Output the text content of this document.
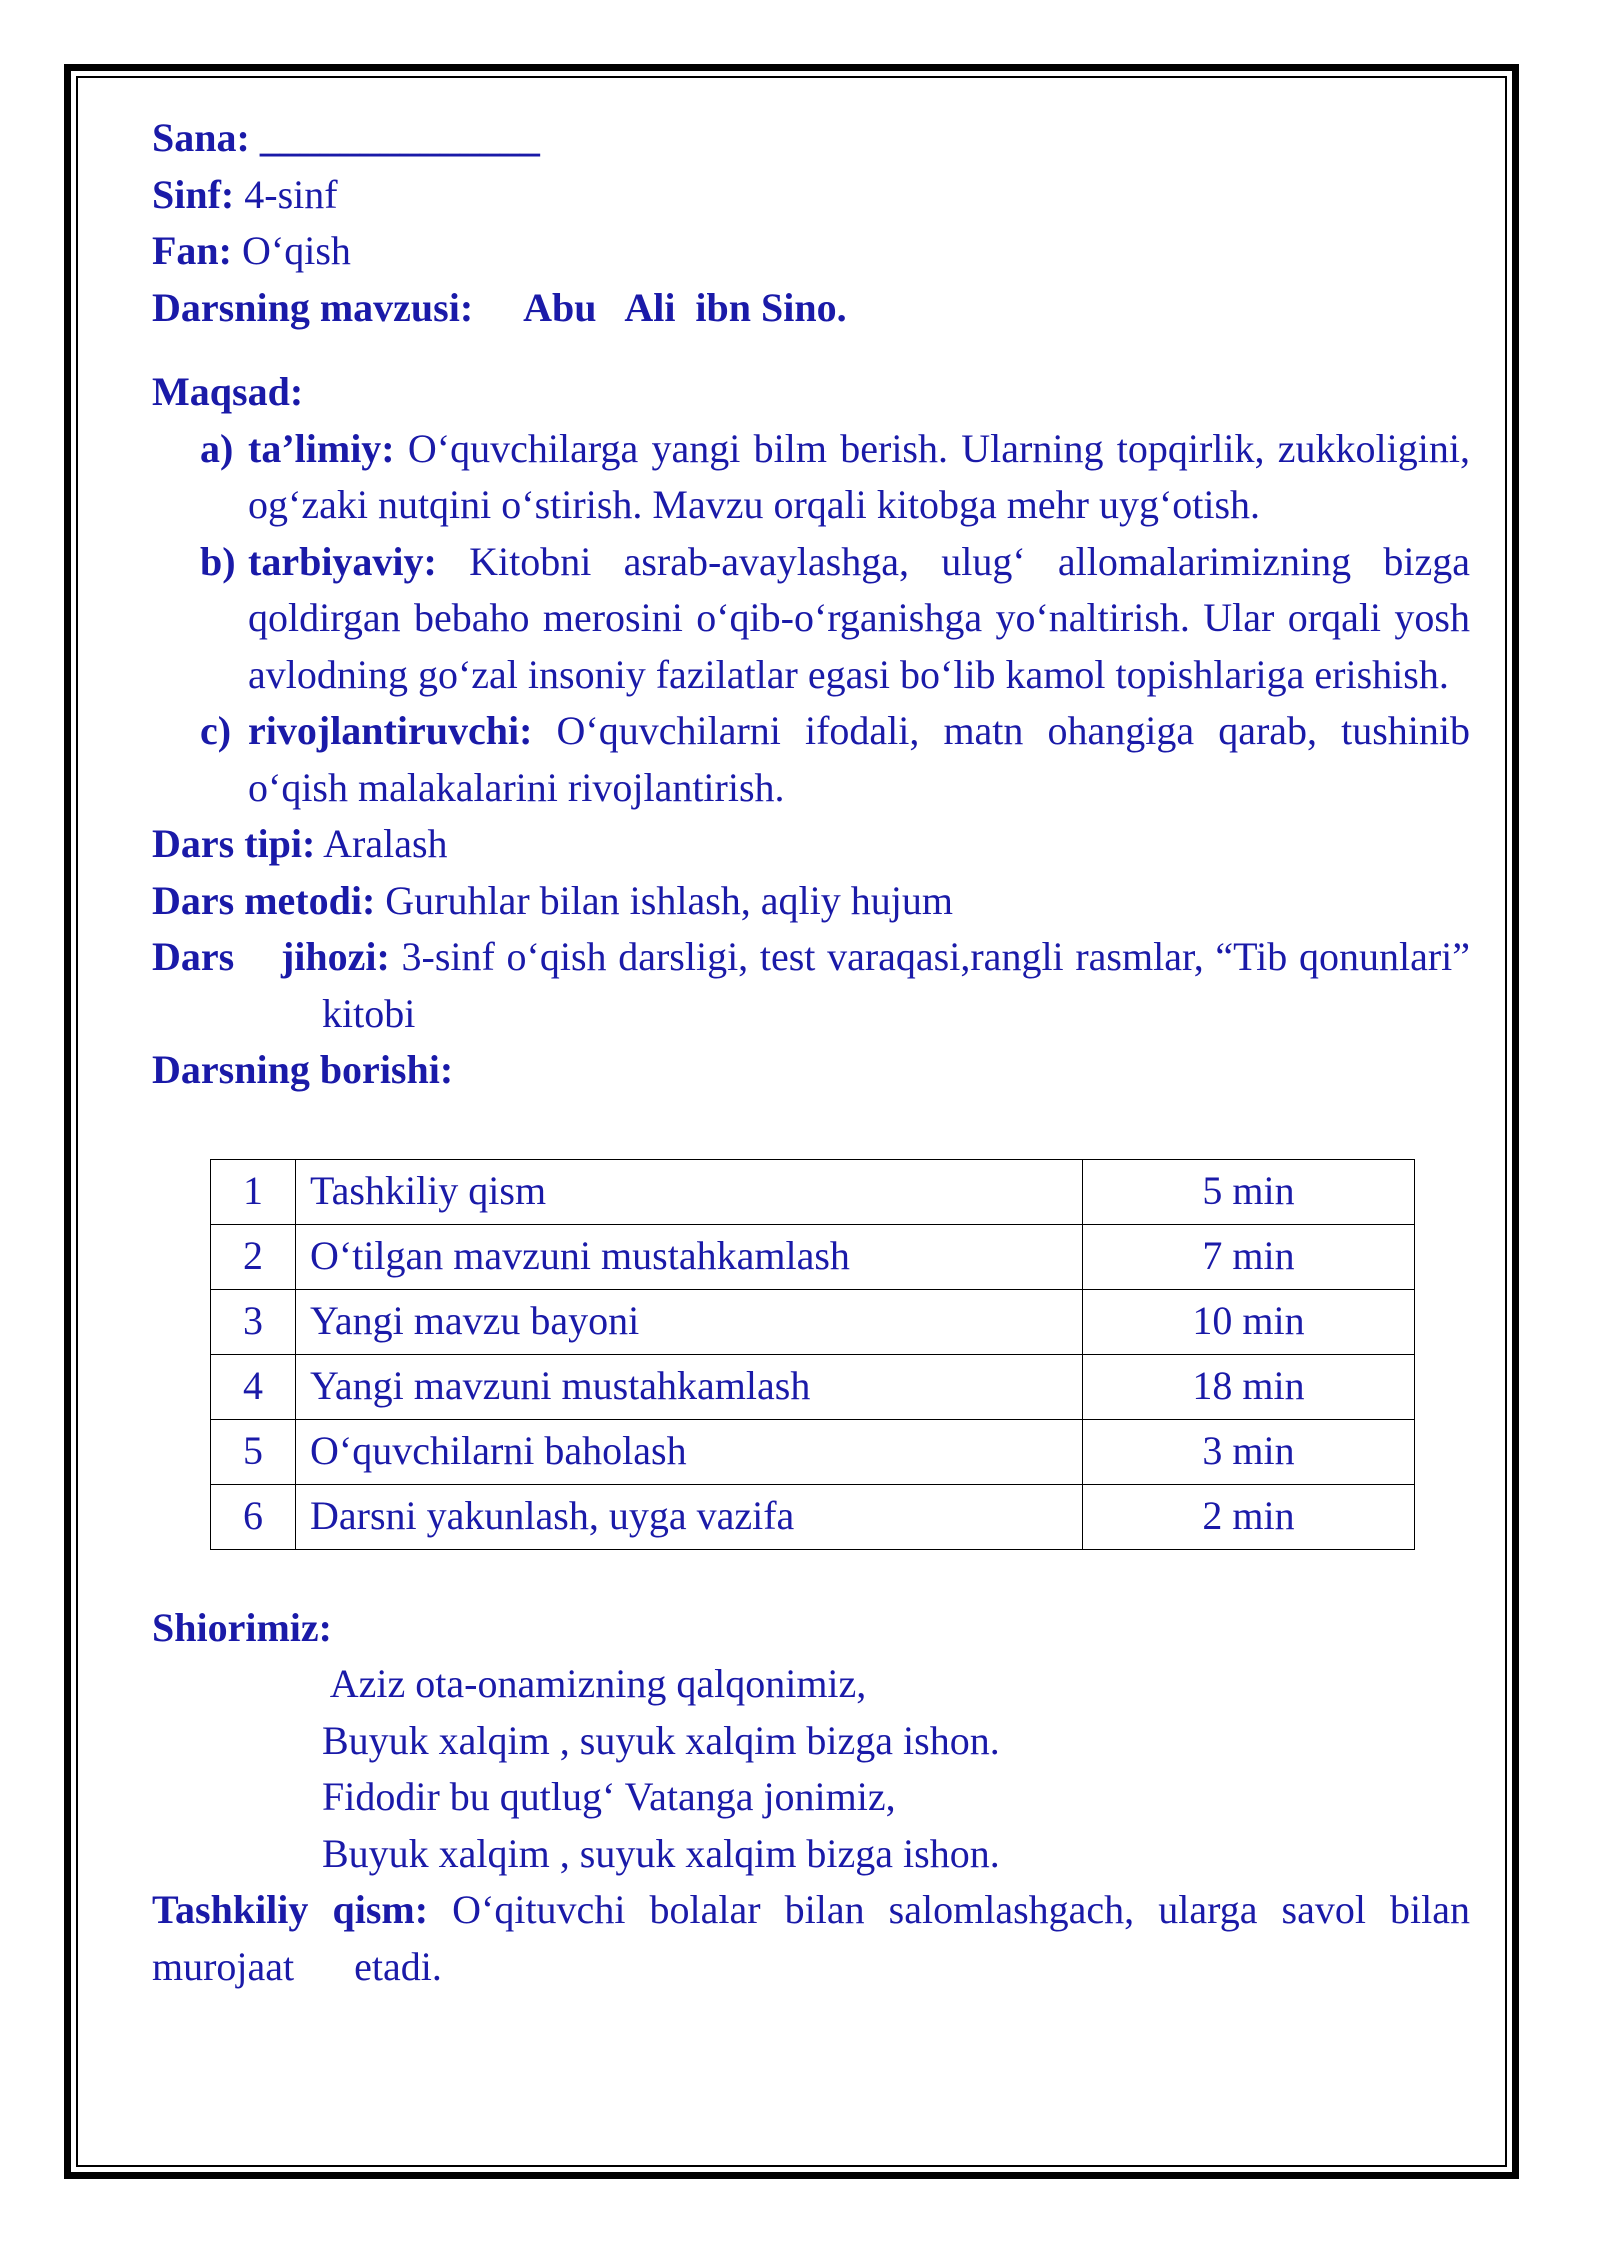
Sana: ______________
Sinf: 4-sinf
Fan: O‘qish
Darsning mavzusi: Abu   Ali  ibn Sino.
Maqsad:
a) ta’limiy: O‘quvchilarga yangi bilm berish. Ularning topqirlik, zukkoligini, og‘zaki nutqini o‘stirish. Mavzu orqali kitobga mehr uyg‘otish.
b) tarbiyaviy: Kitobni asrab-avaylashga, ulug‘ allomalarimizning bizga qoldirgan bebaho merosini o‘qib-o‘rganishga yo‘naltirish. Ular orqali yosh avlodning go‘zal insoniy fazilatlar egasi bo‘lib kamol topishlariga erishish.
c) rivojlantiruvchi: O‘quvchilarni ifodali, matn ohangiga qarab, tushinib o‘qish malakalarini rivojlantirish.
Dars tipi: Aralash
Dars metodi: Guruhlar bilan ishlash, aqliy hujum
Dars    jihozi: 3-sinf o‘qish darsligi, test varaqasi,rangli rasmlar, “Tib qonunlari” kitobi
Darsning borishi:
1	Tashkiliy qism	5 min
2	O‘tilgan mavzuni mustahkamlash	7 min
3	Yangi mavzu bayoni	10 min
4	Yangi mavzuni mustahkamlash	18 min
5	O‘quvchilarni baholash	3 min
6	Darsni yakunlash, uyga vazifa	2 min
Shiorimiz:
Aziz ota-onamizning qalqonimiz,
Buyuk xalqim , suyuk xalqim bizga ishon.
Fidodir bu qutlug‘ Vatanga jonimiz,
Buyuk xalqim , suyuk xalqim bizga ishon.
Tashkiliy qism: O‘qituvchi bolalar bilan salomlashgach, ularga savol bilan murojaat      etadi.
